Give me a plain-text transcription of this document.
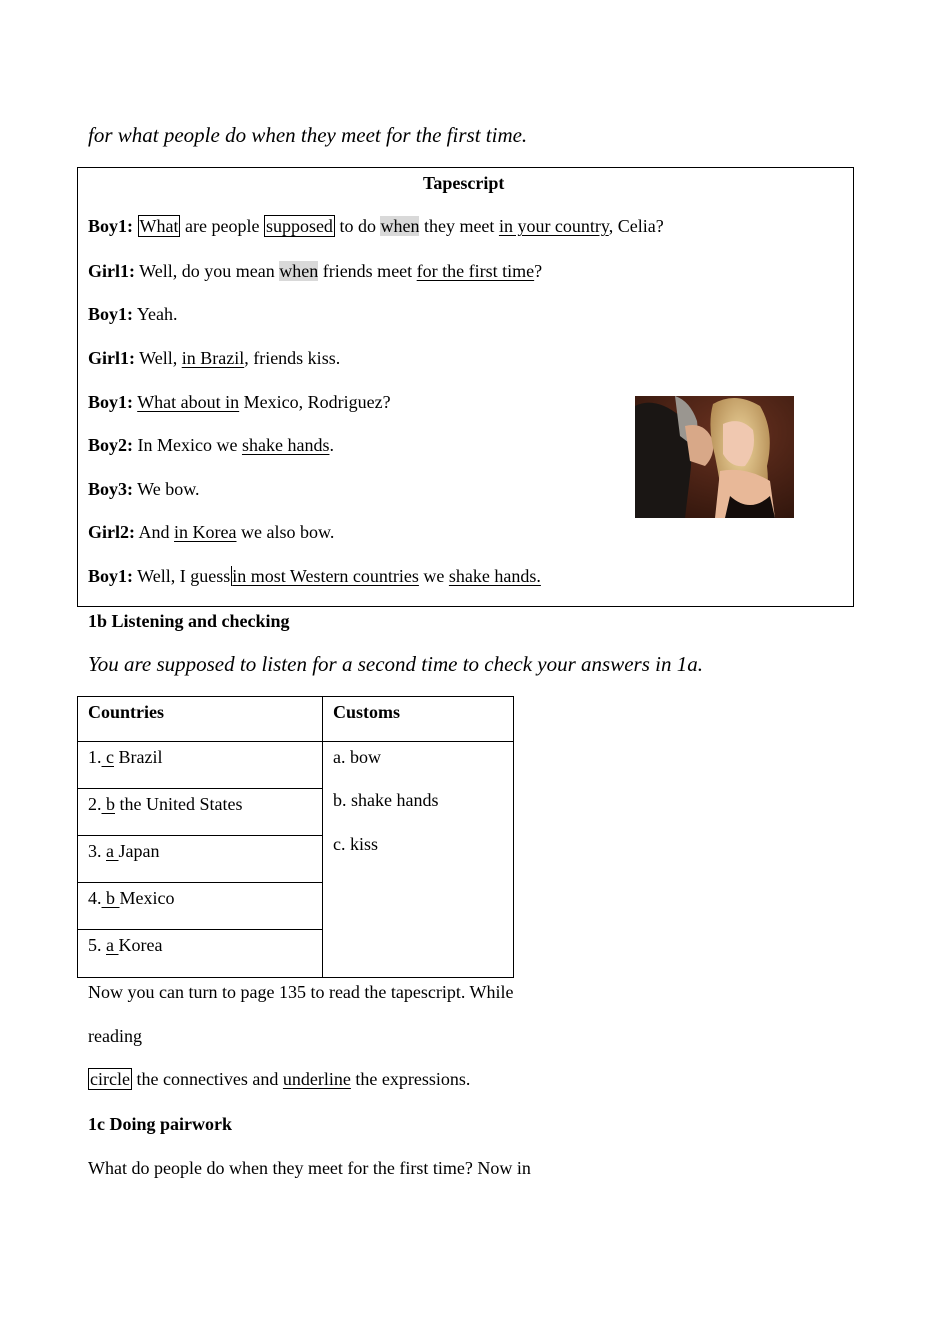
for what people do when they meet for the first time.
Tapescript
Boy1: What are people supposed to do when they meet in your country, Celia?
Girl1: Well, do you mean when friends meet for the first time?
Boy1: Yeah.
Girl1: Well, in Brazil, friends kiss.
Boy1: What about in Mexico, Rodriguez?
Boy2: In Mexico we shake hands.
Boy3: We bow.
Girl2: And in Korea we also bow.
Boy1: Well, I guess in most Western countries we shake hands.
1b Listening and checking
You are supposed to listen for a second time to check your answers in 1a.
Countries	Customs
1. c Brazil
2. b the United States
3. a Japan
4. b Mexico
5. a Korea
a. bow
b. shake hands
c. kiss
Now you can turn to page 135 to read the tapescript. While
reading
circle the connectives and underline the expressions.
1c Doing pairwork
What do people do when they meet for the first time? Now in
